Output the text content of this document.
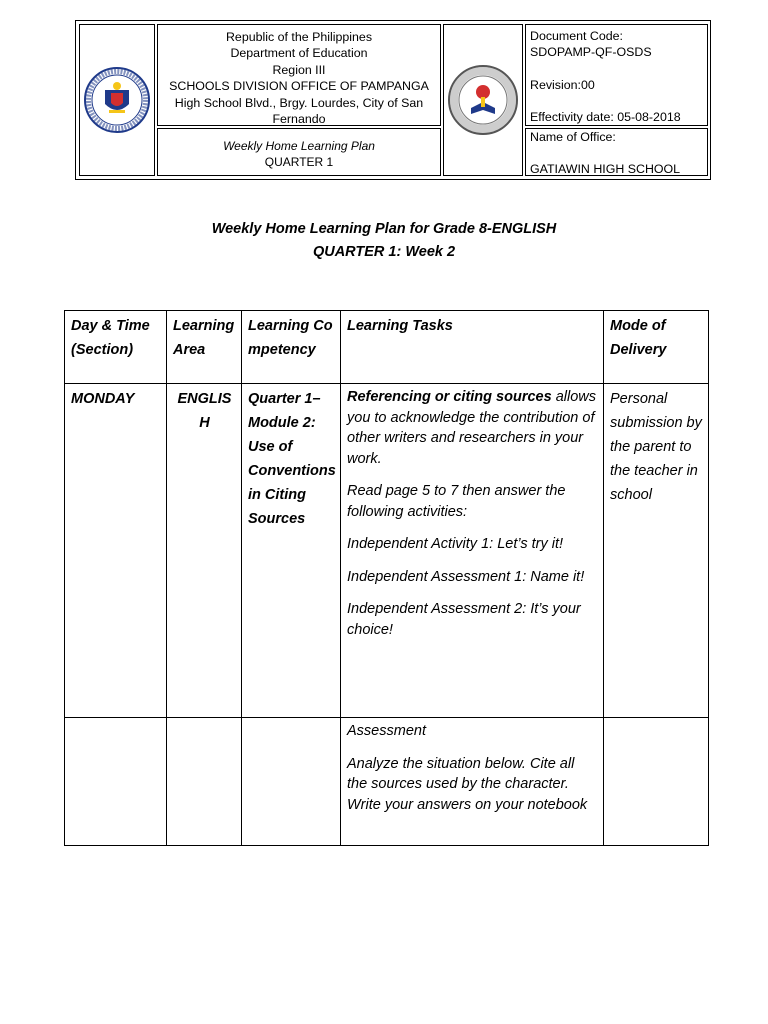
Republic of the Philippines
Department of Education
Region III
SCHOOLS DIVISION OFFICE OF PAMPANGA
High School Blvd., Brgy. Lourdes, City of San Fernando
Weekly Home Learning Plan
QUARTER 1
Document Code:
SDOPAMP-QF-OSDS
Revision:00
Effectivity date: 05-08-2018
Name of Office:
GATIAWIN HIGH SCHOOL
Weekly Home Learning Plan for Grade 8-ENGLISH
QUARTER 1: Week 2
Day & Time (Section)	Learning Area	Learning Competency	Learning Tasks	Mode of Delivery
MONDAY	ENGLISH	Quarter 1– Module 2: Use of Conventions in Citing Sources	Referencing or citing sources allows you to acknowledge the contribution of other writers and researchers in your work.

Read page 5 to 7 then answer the following activities:

Independent Activity 1: Let’s try it!

Independent Assessment 1: Name it!

Independent Assessment 2: It’s your choice!	Personal submission by the parent to the teacher in school

			Assessment

Analyze the situation below. Cite all the sources used by the character. Write your answers on your notebook	
